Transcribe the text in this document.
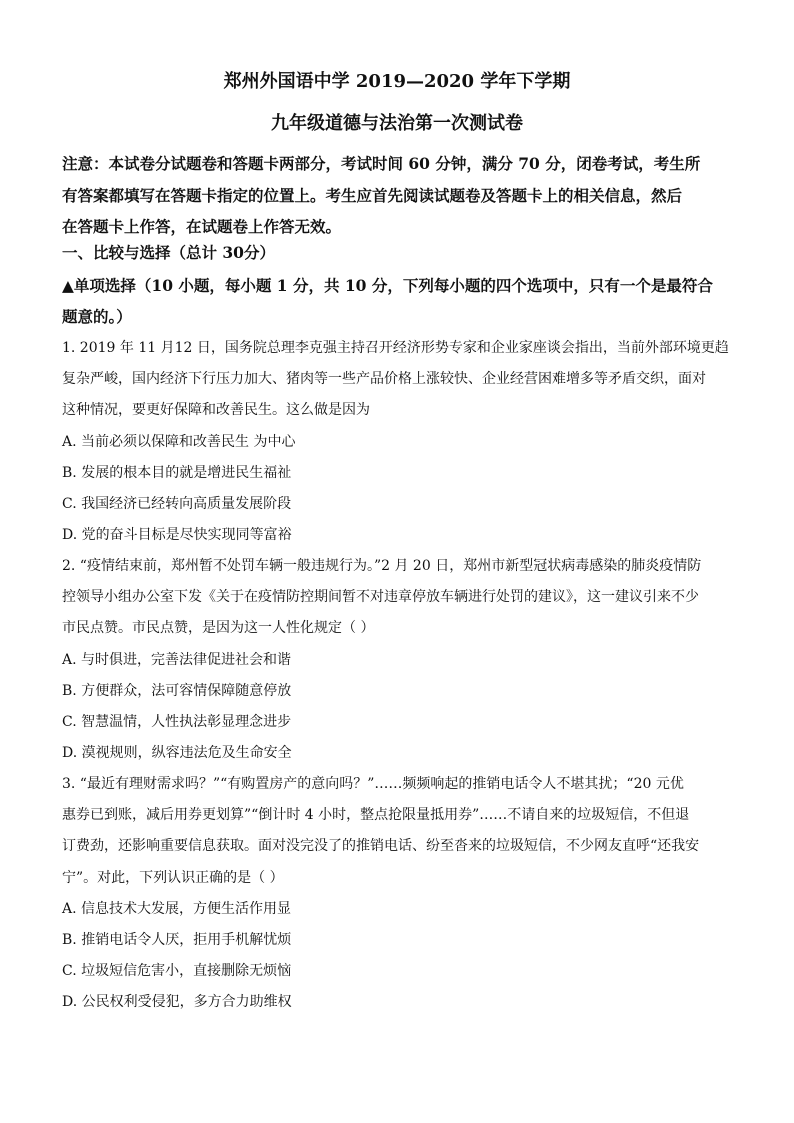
郑州外国语中学 2019—2020 学年下学期
九年级道德与法治第一次测试卷
注意：本试卷分试题卷和答题卡两部分，考试时间 60 分钟，满分 70 分，闭卷考试，考生所
有答案都填写在答题卡指定的位置上。考生应首先阅读试题卷及答题卡上的相关信息，然后
在答题卡上作答，在试题卷上作答无效。
一、比较与选择（总计 30分）
▲单项选择（10 小题，每小题 1 分，共 10 分，下列每小题的四个选项中，只有一个是最符合
题意的。）
1. 2019 年 11 月12 日，国务院总理李克强主持召开经济形势专家和企业家座谈会指出，当前外部环境更趋
复杂严峻，国内经济下行压力加大、猪肉等一些产品价格上涨较快、企业经营困难增多等矛盾交织，面对
这种情况，要更好保障和改善民生。这么做是因为
A. 当前必须以保障和改善民生 为中心
B. 发展的根本目的就是增进民生福祉
C. 我国经济已经转向高质量发展阶段
D. 党的奋斗目标是尽快实现同等富裕
2. “疫情结束前，郑州暂不处罚车辆一般违规行为。”2 月 20 日，郑州市新型冠状病毒感染的肺炎疫情防
控领导小组办公室下发《关于在疫情防控期间暂不对违章停放车辆进行处罚的建议》，这一建议引来不少
市民点赞。市民点赞，是因为这一人性化规定（ ）
A. 与时俱进，完善法律促进社会和谐
B. 方便群众，法可容情保障随意停放
C. 智慧温情，人性执法彰显理念进步
D. 漠视规则，纵容违法危及生命安全
3. “最近有理财需求吗？”“有购置房产的意向吗？”……频频响起的推销电话令人不堪其扰；“20 元优
惠券已到账，减后用券更划算”“倒计时 4 小时，整点抢限量抵用券”……不请自来的垃圾短信，不但退
订费劲，还影响重要信息获取。面对没完没了的推销电话、纷至沓来的垃圾短信，不少网友直呼“还我安
宁”。对此，下列认识正确的是（ ）
A. 信息技术大发展，方便生活作用显
B. 推销电话令人厌，拒用手机解忧烦
C. 垃圾短信危害小，直接删除无烦恼
D. 公民权利受侵犯，多方合力助维权
